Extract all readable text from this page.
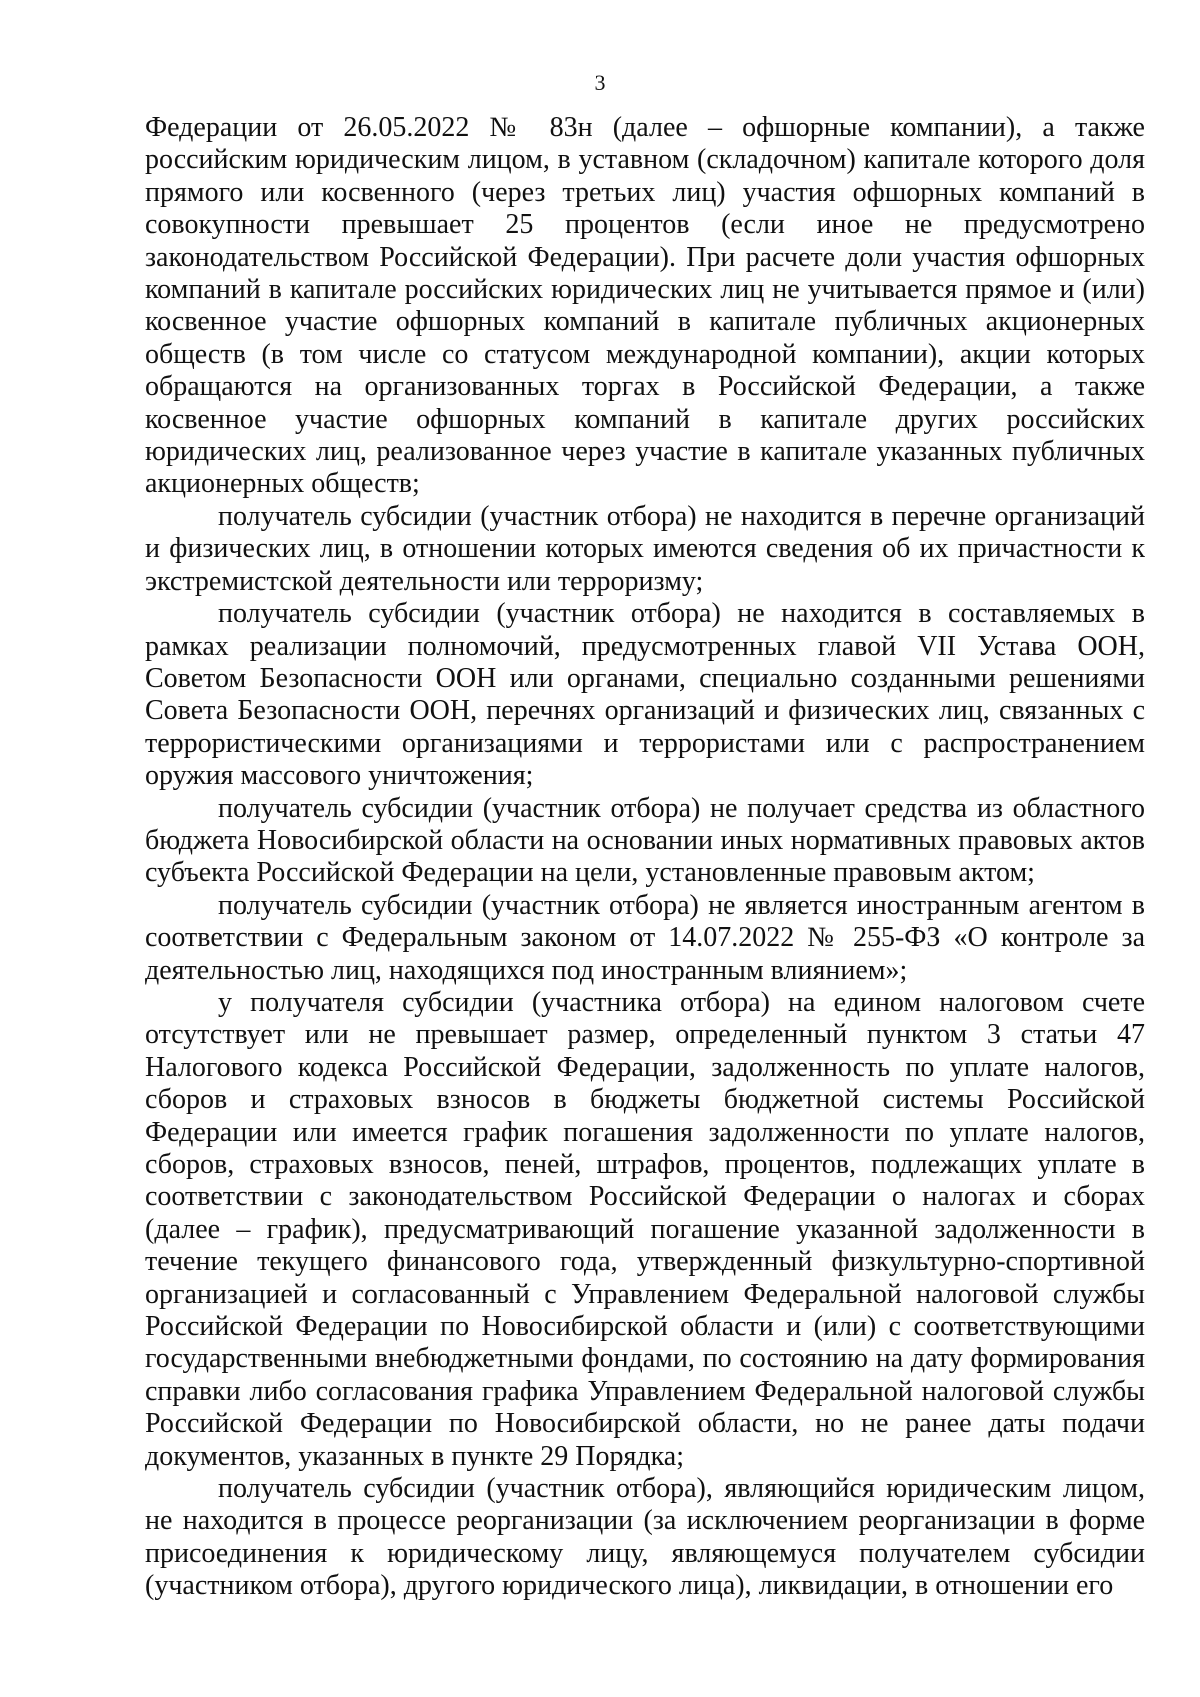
3

Федерации от 26.05.2022 № 83н (далее – офшорные компании), а также российским юридическим лицом, в уставном (складочном) капитале которого доля прямого или косвенного (через третьих лиц) участия офшорных компаний в совокупности превышает 25 процентов (если иное не предусмотрено законодательством Российской Федерации). При расчете доли участия офшорных компаний в капитале российских юридических лиц не учитывается прямое и (или) косвенное участие офшорных компаний в капитале публичных акционерных обществ (в том числе со статусом международной компании), акции которых обращаются на организованных торгах в Российской Федерации, а также косвенное участие офшорных компаний в капитале других российских юридических лиц, реализованное через участие в капитале указанных публичных акционерных обществ;

получатель субсидии (участник отбора) не находится в перечне организаций и физических лиц, в отношении которых имеются сведения об их причастности к экстремистской деятельности или терроризму;

получатель субсидии (участник отбора) не находится в составляемых в рамках реализации полномочий, предусмотренных главой VII Устава ООН, Советом Безопасности ООН или органами, специально созданными решениями Совета Безопасности ООН, перечнях организаций и физических лиц, связанных с террористическими организациями и террористами или с распространением оружия массового уничтожения;

получатель субсидии (участник отбора) не получает средства из областного бюджета Новосибирской области на основании иных нормативных правовых актов субъекта Российской Федерации на цели, установленные правовым актом;

получатель субсидии (участник отбора) не является иностранным агентом в соответствии с Федеральным законом от 14.07.2022 № 255-ФЗ «О контроле за деятельностью лиц, находящихся под иностранным влиянием»;

у получателя субсидии (участника отбора) на едином налоговом счете отсутствует или не превышает размер, определенный пунктом 3 статьи 47 Налогового кодекса Российской Федерации, задолженность по уплате налогов, сборов и страховых взносов в бюджеты бюджетной системы Российской Федерации или имеется график погашения задолженности по уплате налогов, сборов, страховых взносов, пеней, штрафов, процентов, подлежащих уплате в соответствии с законодательством Российской Федерации о налогах и сборах (далее – график), предусматривающий погашение указанной задолженности в течение текущего финансового года, утвержденный физкультурно-спортивной организацией и согласованный с Управлением Федеральной налоговой службы Российской Федерации по Новосибирской области и (или) с соответствующими государственными внебюджетными фондами, по состоянию на дату формирования справки либо согласования графика Управлением Федеральной налоговой службы Российской Федерации по Новосибирской области, но не ранее даты подачи документов, указанных в пункте 29 Порядка;

получатель субсидии (участник отбора), являющийся юридическим лицом, не находится в процессе реорганизации (за исключением реорганизации в форме присоединения к юридическому лицу, являющемуся получателем субсидии (участником отбора), другого юридического лица), ликвидации, в отношении его
